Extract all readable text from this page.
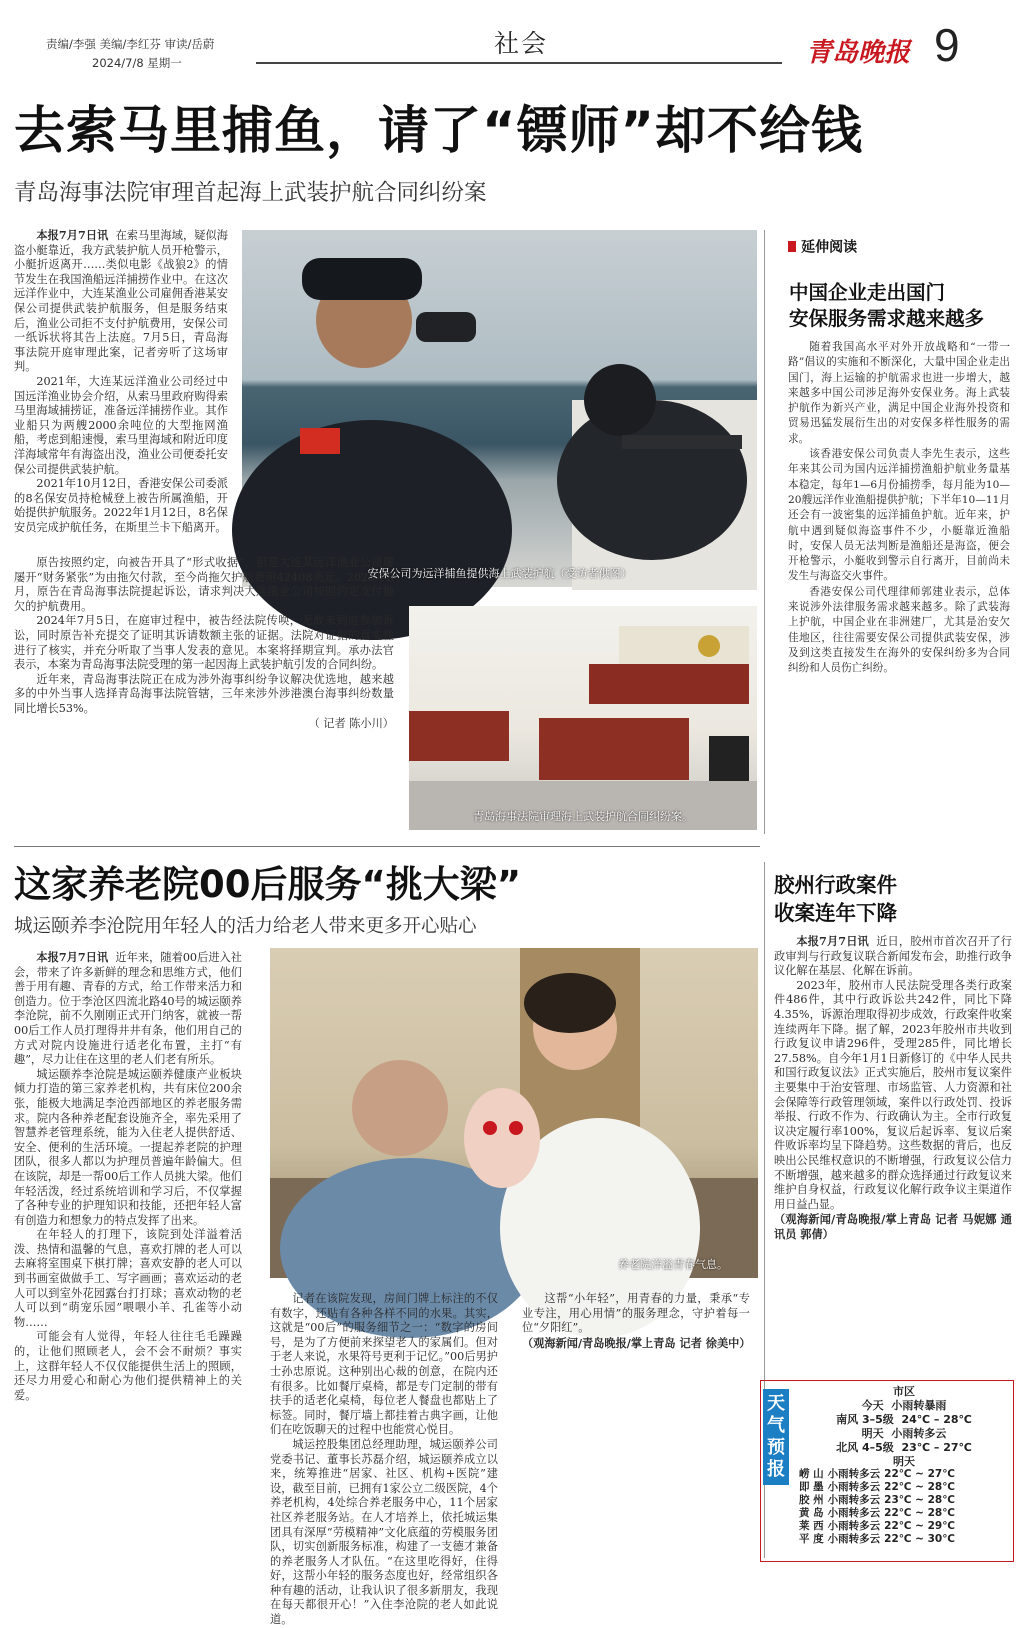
责编/李强 美编/李红芬 审读/岳蔚
2024/7/8 星期一
社会	青岛晚报 9
去索马里捕鱼，请了“镖师”却不给钱
青岛海事法院审理首起海上武装护航合同纠纷案

本报7月7日讯 在索马里海域，疑似海盗小艇靠近，我方武装护航人员开枪警示，小艇折返离开……类似电影《战狼2》的情节发生在我国渔船远洋捕捞作业中。在这次远洋作业中，大连某渔业公司雇佣香港某安保公司提供武装护航服务，但是服务结束后，渔业公司拒不支付护航费用，安保公司一纸诉状将其告上法庭。7月5日，青岛海事法院开庭审理此案，记者旁听了这场审判。

2021年，大连某远洋渔业公司经过中国远洋渔业协会介绍，从索马里政府购得索马里海域捕捞证，准备远洋捕捞作业。其作业船只为两艘2000余吨位的大型拖网渔船，考虑到船速慢，索马里海域和附近印度洋海域常年有海盗出没，渔业公司便委托安保公司提供武装护航。

2021年10月12日，香港安保公司委派的8名保安员持枪械登上被告所属渔船，开始提供护航服务。2022年1月12日，8名保安员完成护航任务，在斯里兰卡下船离开。

安保公司为远洋捕鱼提供海上武装护航（受访者供图）

原告按照约定，向被告开具了“形式收据”，但是大连某远洋渔业公司屡屡开“财务紧张”为由拖欠付款，至今尚拖欠护航费用42408美元。2023年8月，原告在青岛海事法院提起诉讼，请求判决大连渔业公司按照约定支付拖欠的护航费用。

2024年7月5日，在庭审过程中，被告经法院传唤，无故未到庭参加诉讼，同时原告补充提交了证明其诉请数额主张的证据。法院对证据的真实性进行了核实，并充分听取了当事人发表的意见。本案将择期宣判。承办法官表示，本案为青岛海事法院受理的第一起因海上武装护航引发的合同纠纷。

近年来，青岛海事法院正在成为涉外海事纠纷争议解决优选地，越来越多的中外当事人选择青岛海事法院管辖，三年来涉外涉港澳台海事纠纷数量同比增长53%。

（ 记者 陈小川）
青岛海事法院审理海上武装护航合同纠纷案。
延伸阅读
中国企业走出国门
安保服务需求越来越多

随着我国高水平对外开放战略和“一带一路”倡议的实施和不断深化，大量中国企业走出国门，海上运输的护航需求也进一步增大，越来越多中国公司涉足海外安保业务。海上武装护航作为新兴产业，满足中国企业海外投资和贸易迅猛发展衍生出的对安保多样性服务的需求。

该香港安保公司负责人李先生表示，这些年来其公司为国内远洋捕捞渔船护航业务量基本稳定，每年1—6月份捕捞季，每月能为10—20艘远洋作业渔船提供护航；下半年10—11月还会有一波密集的远洋捕鱼护航。近年来，护航中遇到疑似海盗事件不少，小艇靠近渔船时，安保人员无法判断是渔船还是海盗，便会开枪警示，小艇收到警示自行离开，目前尚未发生与海盗交火事件。

香港安保公司代理律师郭建业表示，总体来说涉外法律服务需求越来越多。除了武装海上护航，中国企业在非洲建厂，尤其是治安欠佳地区，往往需要安保公司提供武装安保，涉及到这类直接发生在海外的安保纠纷多为合同纠纷和人员伤亡纠纷。

这家养老院00后服务“挑大梁”
城运颐养李沧院用年轻人的活力给老人带来更多开心贴心

本报7月7日讯 近年来，随着00后进入社会，带来了许多新鲜的理念和思维方式，他们善于用有趣、青春的方式，给工作带来活力和创造力。位于李沧区四流北路40号的城运颐养李沧院，前不久刚刚正式开门纳客，就被一帮00后工作人员打理得井井有条，他们用自己的方式对院内设施进行适老化布置，主打“有趣”，尽力让住在这里的老人们老有所乐。

城运颐养李沧院是城运颐养健康产业板块倾力打造的第三家养老机构，共有床位200余张，能极大地满足李沧西部地区的养老服务需求。院内各种养老配套设施齐全，率先采用了智慧养老管理系统，能为入住老人提供舒适、安全、便利的生活环境。一提起养老院的护理团队，很多人都以为护理员普遍年龄偏大。但在该院，却是一帮00后工作人员挑大梁。他们年轻活泼，经过系统培训和学习后，不仅掌握了各种专业的护理知识和技能，还把年轻人富有创造力和想象力的特点发挥了出来。

在年轻人的打理下，该院到处洋溢着活泼、热情和温馨的气息，喜欢打牌的老人可以去麻将室围桌下棋打牌；喜欢安静的老人可以到书画室做做手工、写字画画；喜欢运动的老人可以到室外花园露台打打球；喜欢动物的老人可以到“萌宠乐园”喂喂小羊、孔雀等小动物……

可能会有人觉得，年轻人往往毛毛躁躁的，让他们照顾老人，会不会不耐烦？事实上，这群年轻人不仅仅能提供生活上的照顾，还尽力用爱心和耐心为他们提供精神上的关爱。

养老院洋溢青春气息。

记者在该院发现，房间门牌上标注的不仅有数字，还贴有各种各样不同的水果。其实，这就是“00后”的服务细节之一：“数字的房间号，是为了方便前来探望老人的家属们。但对于老人来说，水果符号更利于记忆。”00后男护士孙忠原说。这种别出心裁的创意，在院内还有很多。比如餐厅桌椅，都是专门定制的带有扶手的适老化桌椅，每位老人餐盘也都贴上了标签。同时，餐厅墙上都挂着古典字画，让他们在吃饭聊天的过程中也能赏心悦目。

城运控股集团总经理助理，城运颐养公司党委书记、董事长苏磊介绍，城运颐养成立以来，统筹推进“居家、社区、机构+医院”建设，截至目前，已拥有1家公立二级医院，4个养老机构，4处综合养老服务中心，11个居家社区养老服务站。在人才培养上，依托城运集团具有深厚“劳模精神”文化底蕴的劳模服务团队，切实创新服务标准，构建了一支德才兼备的养老服务人才队伍。“在这里吃得好，住得好，这帮小年轻的服务态度也好，经常组织各种有趣的活动，让我认识了很多新朋友，我现在每天都很开心！”入住李沧院的老人如此说道。

这帮“小年轻”，用青春的力量，秉承“专业专注，用心用情”的服务理念，守护着每一位“夕阳红”。

（观海新闻/青岛晚报/掌上青岛 记者 徐美中）
胶州行政案件
收案连年下降

本报7月7日讯 近日，胶州市首次召开了行政审判与行政复议联合新闻发布会，助推行政争议化解在基层、化解在诉前。

2023年，胶州市人民法院受理各类行政案件486件，其中行政诉讼共242件，同比下降4.35%，诉源治理取得初步成效，行政案件收案连续两年下降。据了解，2023年胶州市共收到行政复议申请296件，受理285件，同比增长27.58%。自今年1月1日新修订的《中华人民共和国行政复议法》正式实施后，胶州市复议案件主要集中于治安管理、市场监管、人力资源和社会保障等行政管理领域，案件以行政处罚、投诉举报、行政不作为、行政确认为主。全市行政复议决定履行率100%，复议后起诉率、复议后案件败诉率均呈下降趋势。这些数据的背后，也反映出公民维权意识的不断增强，行政复议公信力不断增强，越来越多的群众选择通过行政复议来维护自身权益，行政复议化解行政争议主渠道作用日益凸显。

（观海新闻/青岛晚报/掌上青岛 记者 马妮娜 通讯员 郭倩）
天气预报
市区
今天 小雨转暴雨
南风 3–5级 24℃ – 28℃
明天 小雨转多云
北风 4–5级 23℃ – 27℃
明天
崂 山	小雨转多云	22℃ ~ 27℃
即 墨	小雨转多云	22℃ ~ 28℃
胶 州	小雨转多云	23℃ ~ 28℃
黄 岛	小雨转多云	22℃ ~ 28℃
莱 西	小雨转多云	22℃ ~ 29℃
平 度	小雨转多云	22℃ ~ 30℃
